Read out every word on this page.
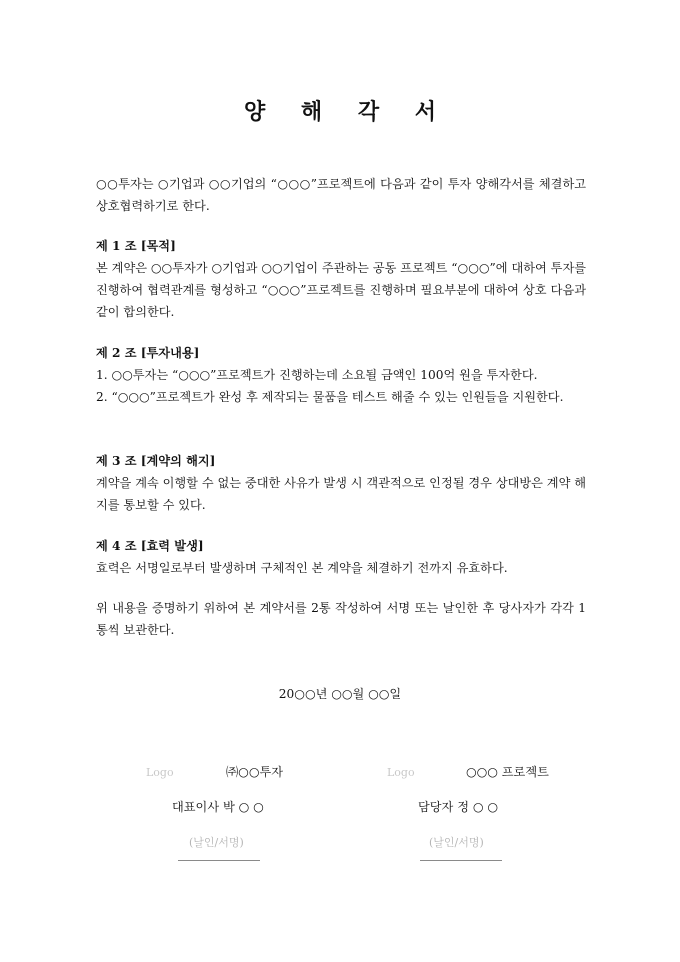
양 해 각 서

○○투자는 ○기업과 ○○기업의 “○○○”프로젝트에 다음과 같이 투자 양해각서를 체결하고 상호협력하기로 한다.

제 1 조 [목적]

본 계약은 ○○투자가 ○기업과 ○○기업이 주관하는 공동 프로젝트 “○○○”에 대하여 투자를 진행하여 협력관계를 형성하고 “○○○”프로젝트를 진행하며 필요부분에 대하여 상호 다음과 같이 합의한다.

제 2 조 [투자내용]

1. ○○투자는 “○○○”프로젝트가 진행하는데 소요될 금액인 100억 원을 투자한다.

2. “○○○”프로젝트가 완성 후 제작되는 물품을 테스트 해줄 수 있는 인원들을 지원한다.

제 3 조 [계약의 해지]

계약을 계속 이행할 수 없는 중대한 사유가 발생 시 객관적으로 인정될 경우 상대방은 계약 해지를 통보할 수 있다.

제 4 조 [효력 발생]

효력은 서명일로부터 발생하며 구체적인 본 계약을 체결하기 전까지 유효하다.

위 내용을 증명하기 위하여 본 계약서를 2통 작성하여 서명 또는 날인한 후 당사자가 각각 1통씩 보관한다.

20○○년 ○○월 ○○일
Logo	㈜○○투자
대표이사 박 ○ ○
(날인/서명)
Logo	○○○ 프로젝트
담당자 정 ○ ○
(날인/서명)
